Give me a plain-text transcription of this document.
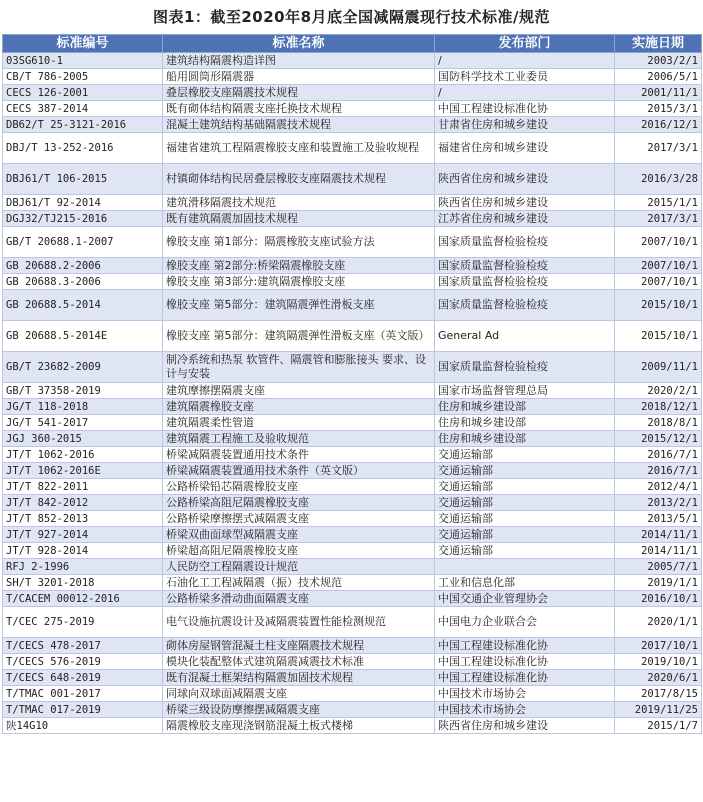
图表1：截至2020年8月底全国减隔震现行技术标准/规范
标准编号	标准名称	发布部门	实施日期
03SG610-1	建筑结构隔震构造详图	/	2003/2/1
CB/T 786-2005	船用圆筒形隔震器	国防科学技术工业委员	2006/5/1
CECS 126-2001	叠层橡胶支座隔震技术规程	/	2001/11/1
CECS 387-2014	既有砌体结构隔震支座托换技术规程	中国工程建设标准化协	2015/3/1
DB62/T 25-3121-2016	混凝土建筑结构基础隔震技术规程	甘肃省住房和城乡建设	2016/12/1
DBJ/T 13-252-2016	福建省建筑工程隔震橡胶支座和装置施工及验收规程	福建省住房和城乡建设	2017/3/1
DBJ61/T 106-2015	村镇砌体结构民居叠层橡胶支座隔震技术规程	陕西省住房和城乡建设	2016/3/28
DBJ61/T 92-2014	建筑滑移隔震技术规范	陕西省住房和城乡建设	2015/1/1
DGJ32/TJ215-2016	既有建筑隔震加固技术规程	江苏省住房和城乡建设	2017/3/1
GB/T 20688.1-2007	橡胶支座 第1部分：隔震橡胶支座试验方法	国家质量监督检验检疫	2007/10/1
GB 20688.2-2006	橡胶支座 第2部分:桥梁隔震橡胶支座	国家质量监督检验检疫	2007/10/1
GB 20688.3-2006	橡胶支座 第3部分:建筑隔震橡胶支座	国家质量监督检验检疫	2007/10/1
GB 20688.5-2014	橡胶支座 第5部分：建筑隔震弹性滑板支座	国家质量监督检验检疫	2015/10/1
GB 20688.5-2014E	橡胶支座 第5部分：建筑隔震弹性滑板支座（英文版）	General Ad	2015/10/1
GB/T 23682-2009	制冷系统和热泵 软管件、隔震管和膨胀接头 要求、设计与安装	国家质量监督检验检疫	2009/11/1
GB/T 37358-2019	建筑摩擦摆隔震支座	国家市场监督管理总局	2020/2/1
JG/T 118-2018	建筑隔震橡胶支座	住房和城乡建设部	2018/12/1
JG/T 541-2017	建筑隔震柔性管道	住房和城乡建设部	2018/8/1
JGJ 360-2015	建筑隔震工程施工及验收规范	住房和城乡建设部	2015/12/1
JT/T 1062-2016	桥梁减隔震装置通用技术条件	交通运输部	2016/7/1
JT/T 1062-2016E	桥梁减隔震装置通用技术条件（英文版）	交通运输部	2016/7/1
JT/T 822-2011	公路桥梁铅芯隔震橡胶支座	交通运输部	2012/4/1
JT/T 842-2012	公路桥梁高阻尼隔震橡胶支座	交通运输部	2013/2/1
JT/T 852-2013	公路桥梁摩擦摆式减隔震支座	交通运输部	2013/5/1
JT/T 927-2014	桥梁双曲面球型减隔震支座	交通运输部	2014/11/1
JT/T 928-2014	桥梁超高阻尼隔震橡胶支座	交通运输部	2014/11/1
RFJ 2-1996	人民防空工程隔震设计规范		2005/7/1
SH/T 3201-2018	石油化工工程减隔震（振）技术规范	工业和信息化部	2019/1/1
T/CACEM 00012-2016	公路桥梁多滑动曲面隔震支座	中国交通企业管理协会	2016/10/1
T/CEC 275-2019	电气设施抗震设计及减隔震装置性能检测规范	中国电力企业联合会	2020/1/1
T/CECS 478-2017	砌体房屋钢管混凝土柱支座隔震技术规程	中国工程建设标准化协	2017/10/1
T/CECS 576-2019	模块化装配整体式建筑隔震减震技术标准	中国工程建设标准化协	2019/10/1
T/CECS 648-2019	既有混凝土框架结构隔震加固技术规程	中国工程建设标准化协	2020/6/1
T/TMAC 001-2017	同球向双球面减隔震支座	中国技术市场协会	2017/8/15
T/TMAC 017-2019	桥梁三级设防摩擦摆减隔震支座	中国技术市场协会	2019/11/25
陕14G10	隔震橡胶支座现浇钢筋混凝土板式楼梯	陕西省住房和城乡建设	2015/1/7
